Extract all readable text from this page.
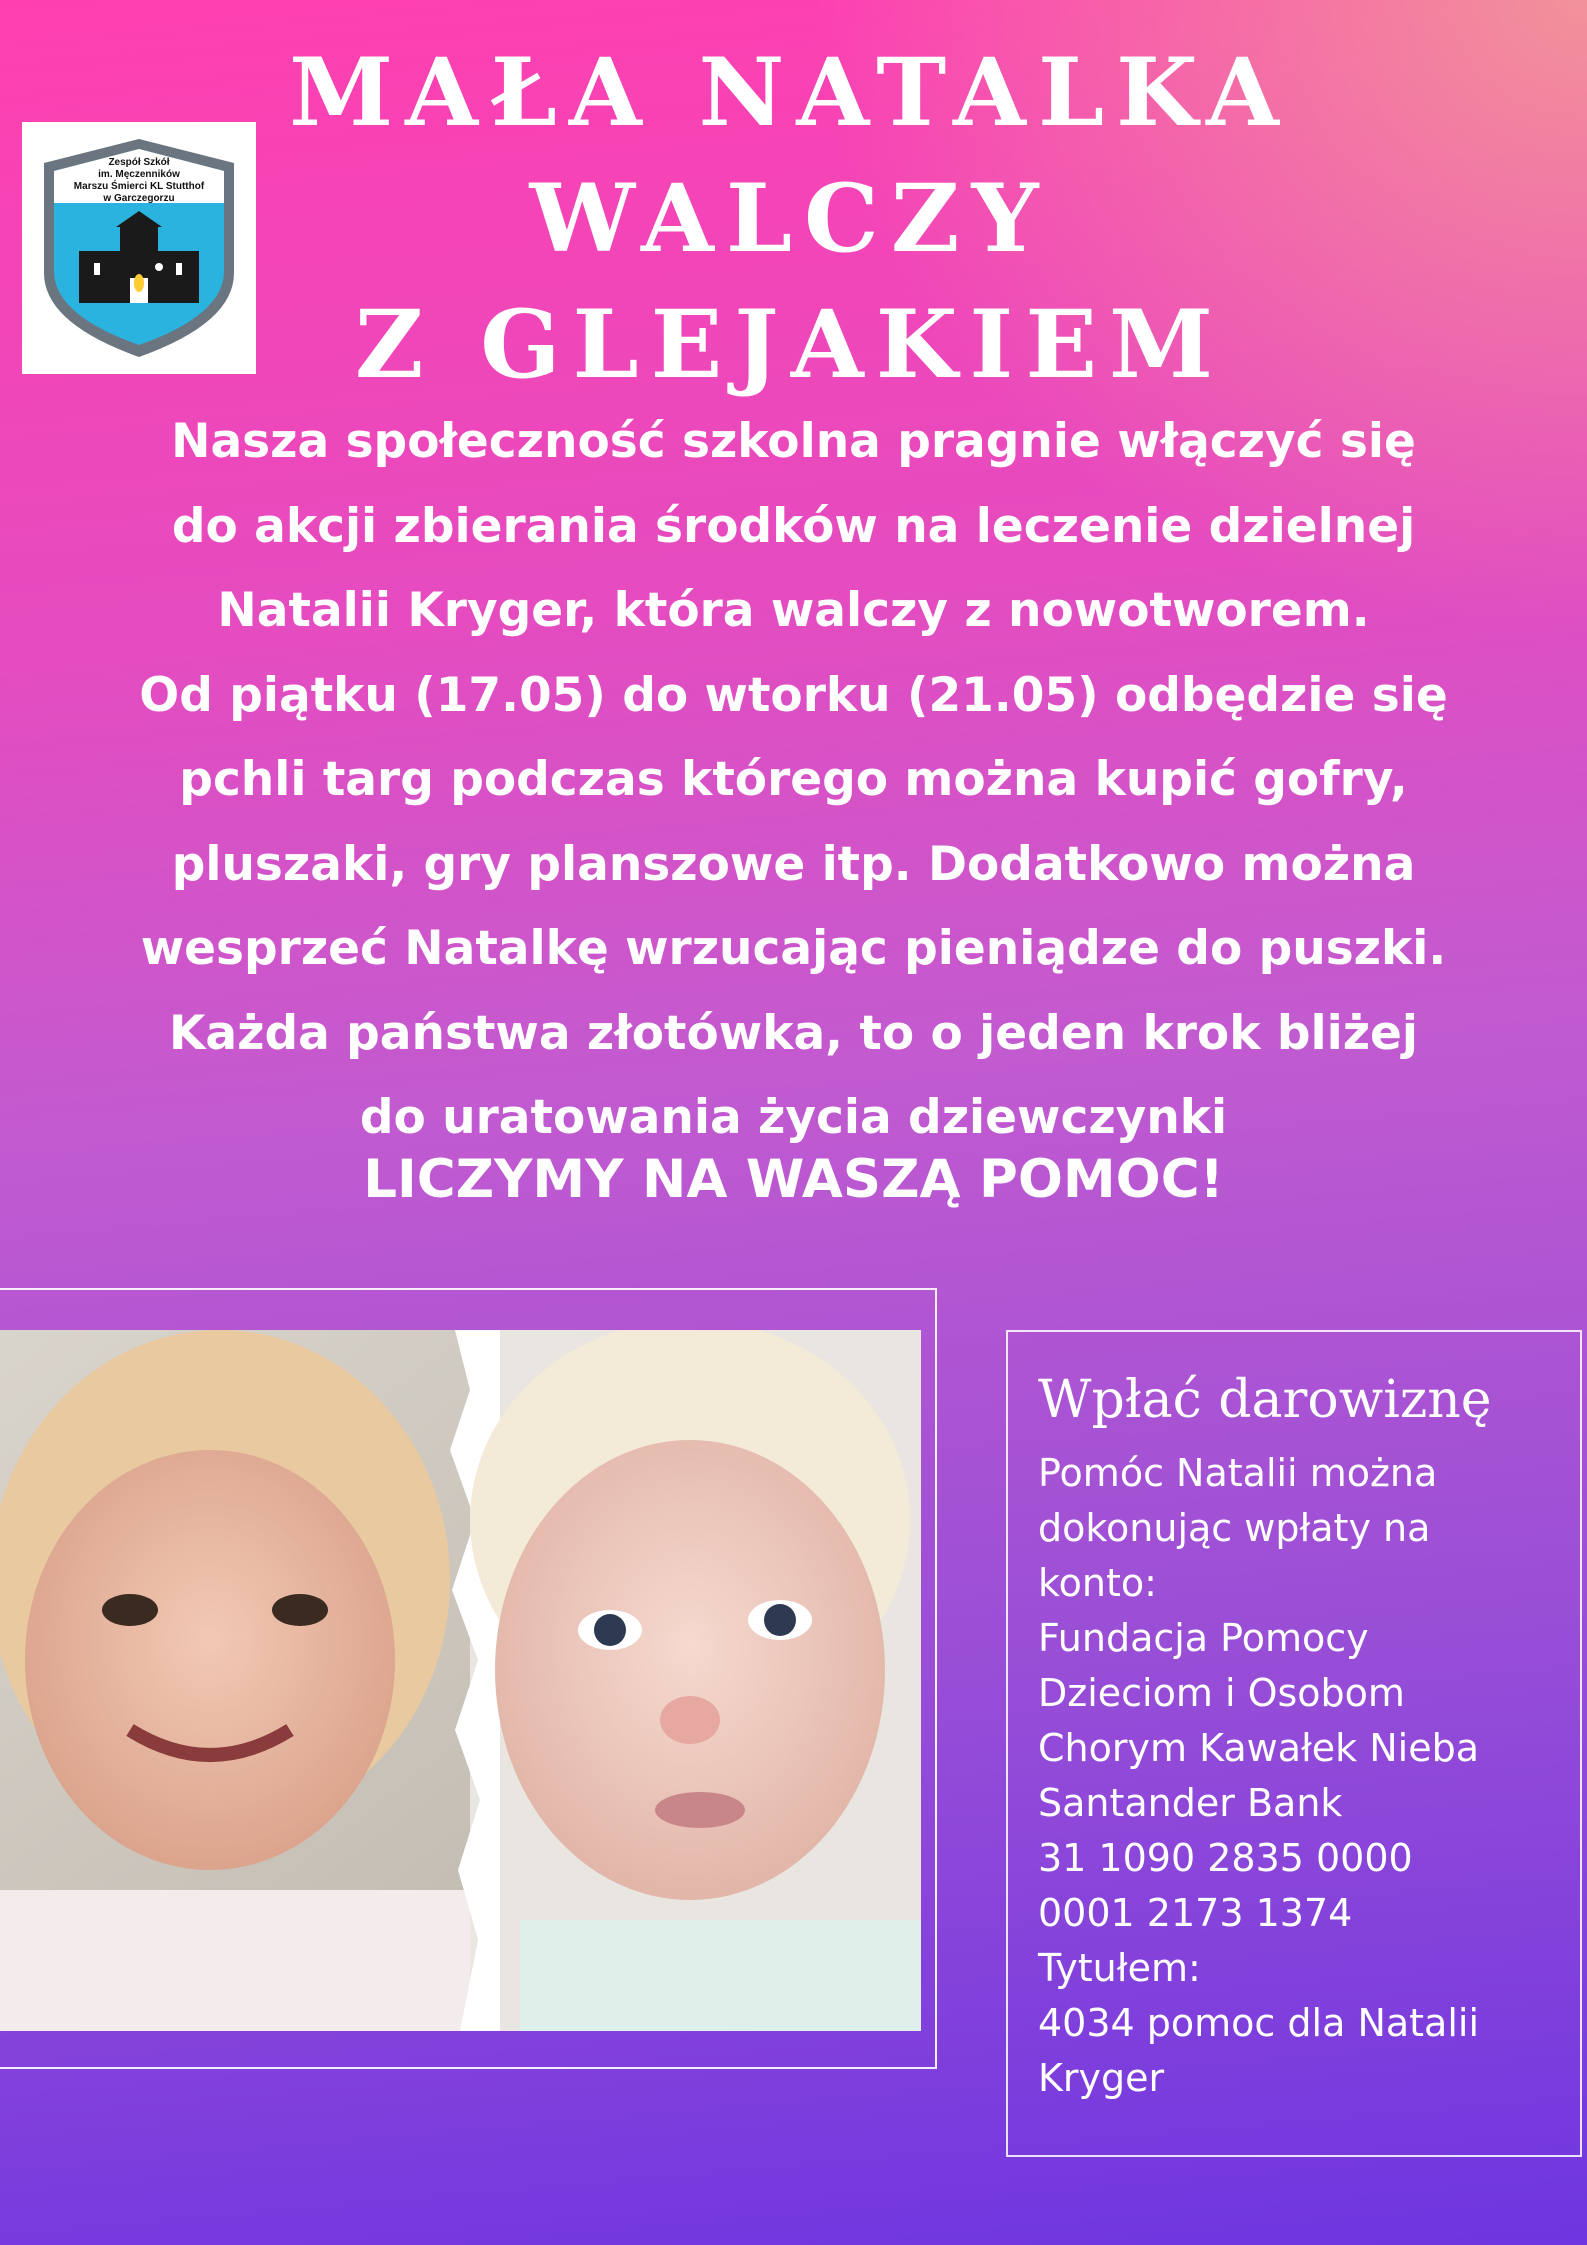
MAŁA NATALKA
WALCZY
Z GLEJAKIEM
Zespół Szkół
im. Męczenników
Marszu Śmierci KL Stutthof
w Garczegorzu
Nasza społeczność szkolna pragnie włączyć się
do akcji zbierania środków na leczenie dzielnej
Natalii Kryger, która walczy z nowotworem.
Od piątku (17.05) do wtorku (21.05) odbędzie się
pchli targ podczas którego można kupić gofry,
pluszaki, gry planszowe itp. Dodatkowo można
wesprzeć Natalkę wrzucając pieniądze do puszki.
Każda państwa złotówka, to o jeden krok bliżej
do uratowania życia dziewczynki
LICZYMY NA WASZĄ POMOC!
Wpłać darowiznę
Pomóc Natalii można
dokonując wpłaty na
konto:
Fundacja Pomocy
Dzieciom i Osobom
Chorym Kawałek Nieba
Santander Bank
31 1090 2835 0000
0001 2173 1374
Tytułem:
4034 pomoc dla Natalii
Kryger
